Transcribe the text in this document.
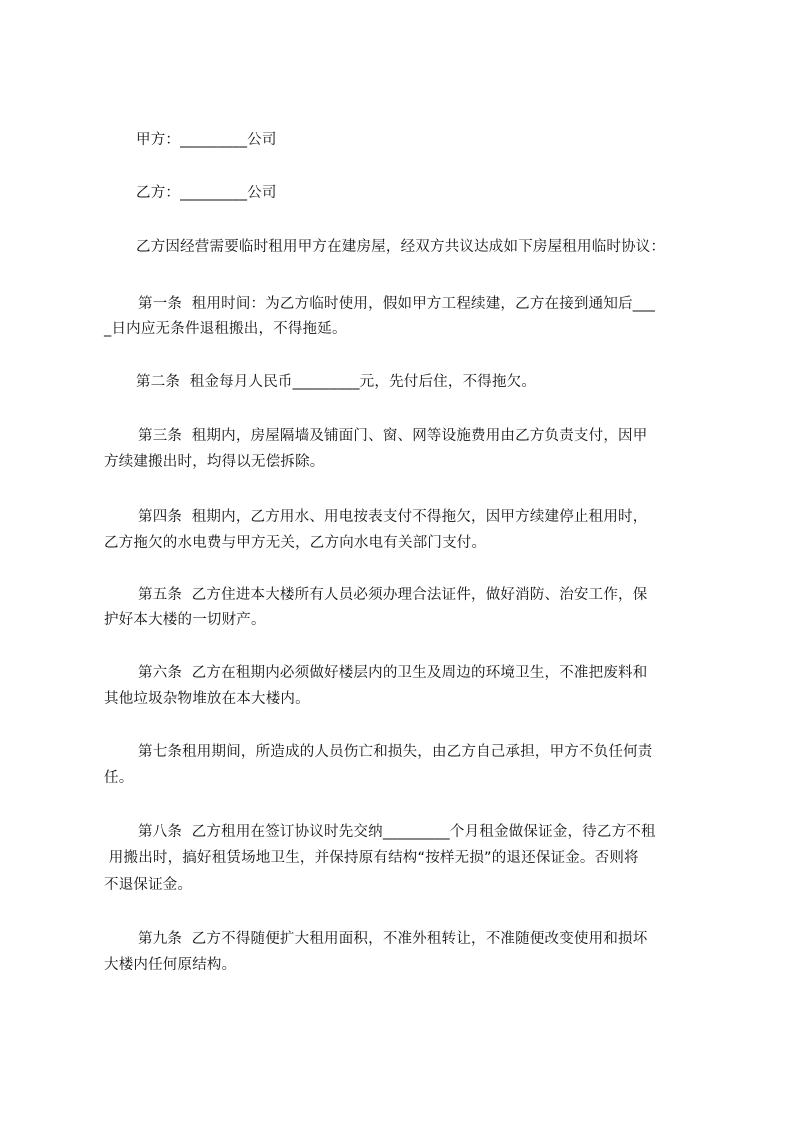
甲方：_________公司
乙方：_________公司
乙方因经营需要临时租用甲方在建房屋，经双方共议达成如下房屋租用临时协议：
第一条  租用时间：为乙方临时使用，假如甲方工程续建，乙方在接到通知后___
_日内应无条件退租搬出，不得拖延。
第二条  租金每月人民币_________元，先付后住，不得拖欠。
第三条  租期内，房屋隔墙及铺面门、窗、网等设施费用由乙方负责支付，因甲
方续建搬出时，均得以无偿拆除。
第四条  租期内，乙方用水、用电按表支付不得拖欠，因甲方续建停止租用时，
乙方拖欠的水电费与甲方无关，乙方向水电有关部门支付。
第五条  乙方住进本大楼所有人员必须办理合法证件，做好消防、治安工作，保
护好本大楼的一切财产。
第六条  乙方在租期内必须做好楼层内的卫生及周边的环境卫生，不准把废料和
其他垃圾杂物堆放在本大楼内。
第七条租用期间，所造成的人员伤亡和损失，由乙方自己承担，甲方不负任何责
任。
第八条  乙方租用在签订协议时先交纳_________个月租金做保证金，待乙方不租
用搬出时，搞好租赁场地卫生，并保持原有结构“按样无损”的退还保证金。否则将
不退保证金。
第九条  乙方不得随便扩大租用面积，不准外租转让，不准随便改变使用和损坏
大楼内任何原结构。
